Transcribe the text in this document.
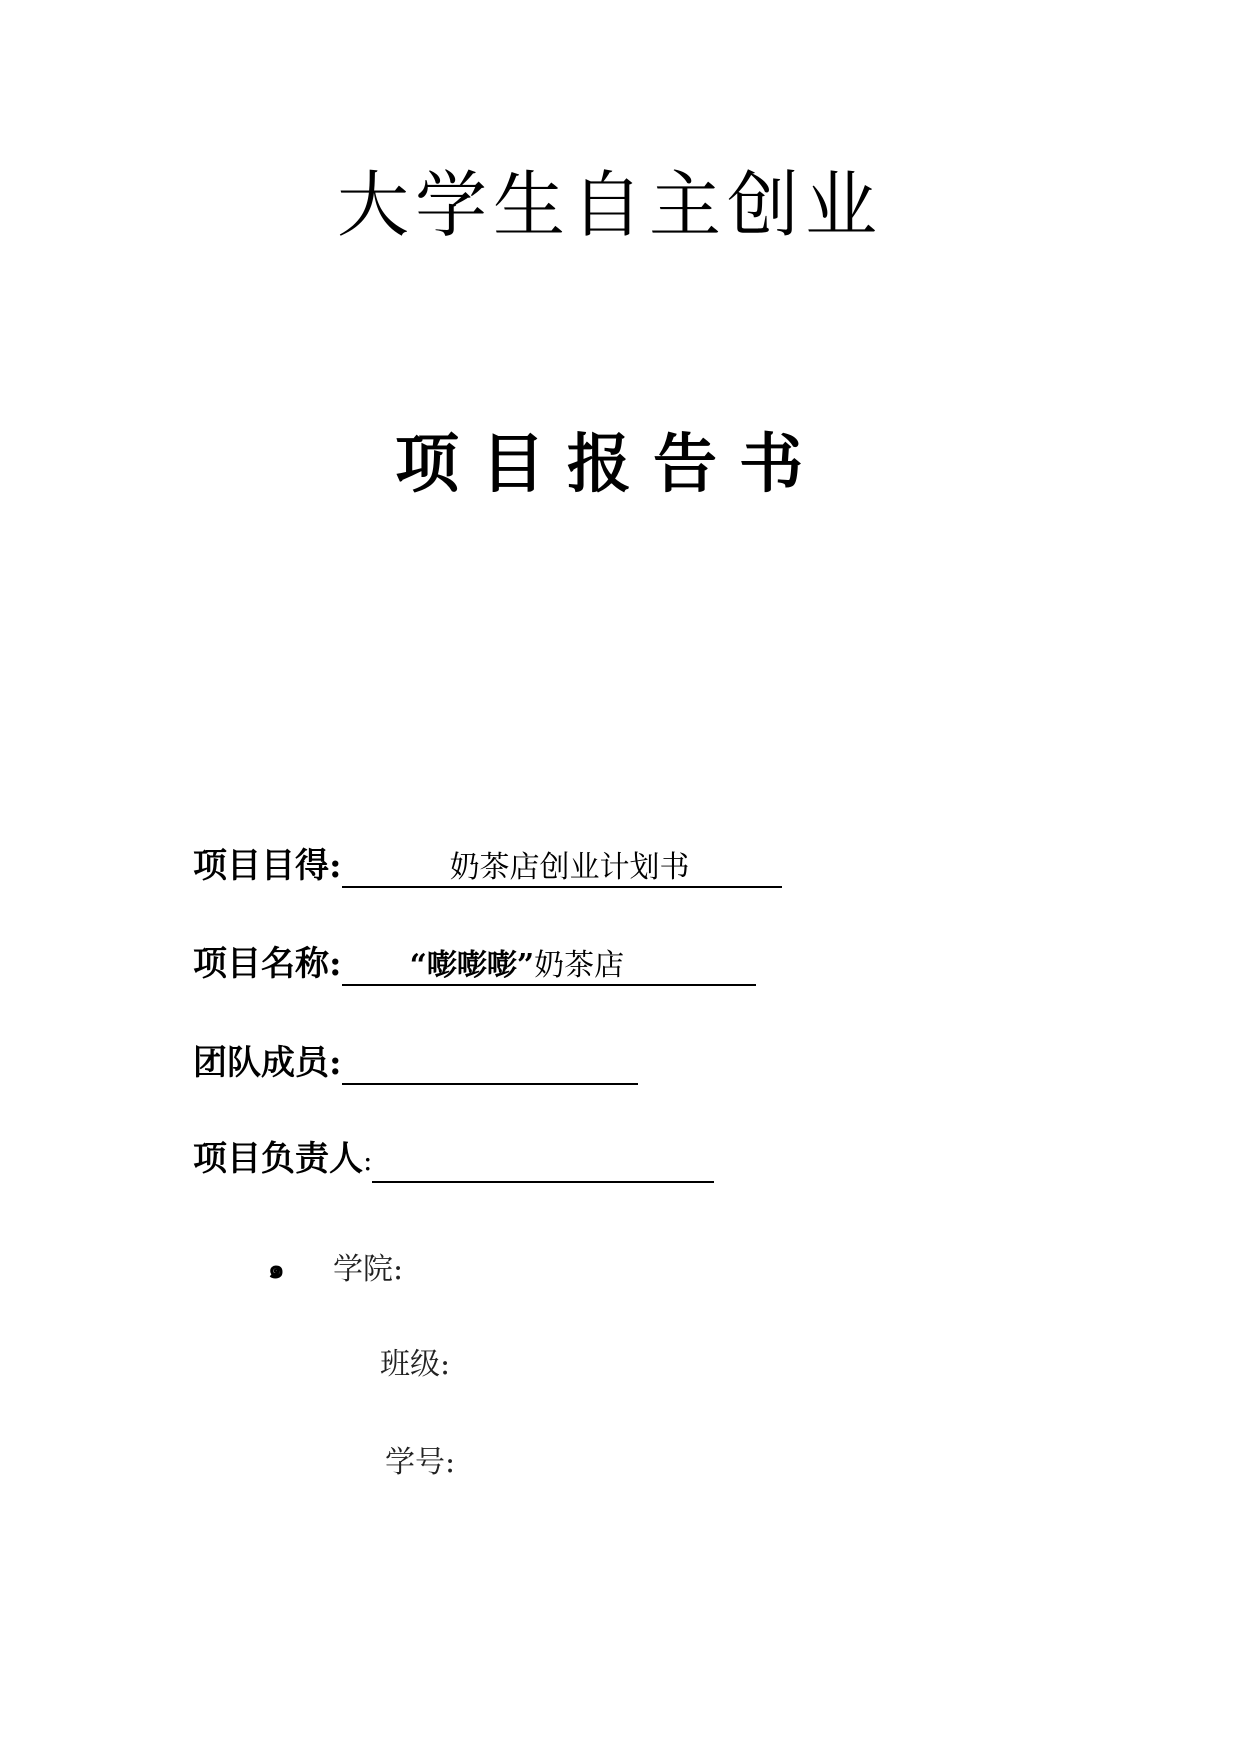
大学生自主创业
项目报告书
项目目得:	奶茶店创业计划书
项目名称:	“嘭嘭嘭”奶茶店
团队成员:
项目负责人:
๑ 学院:
班级:
学号:
